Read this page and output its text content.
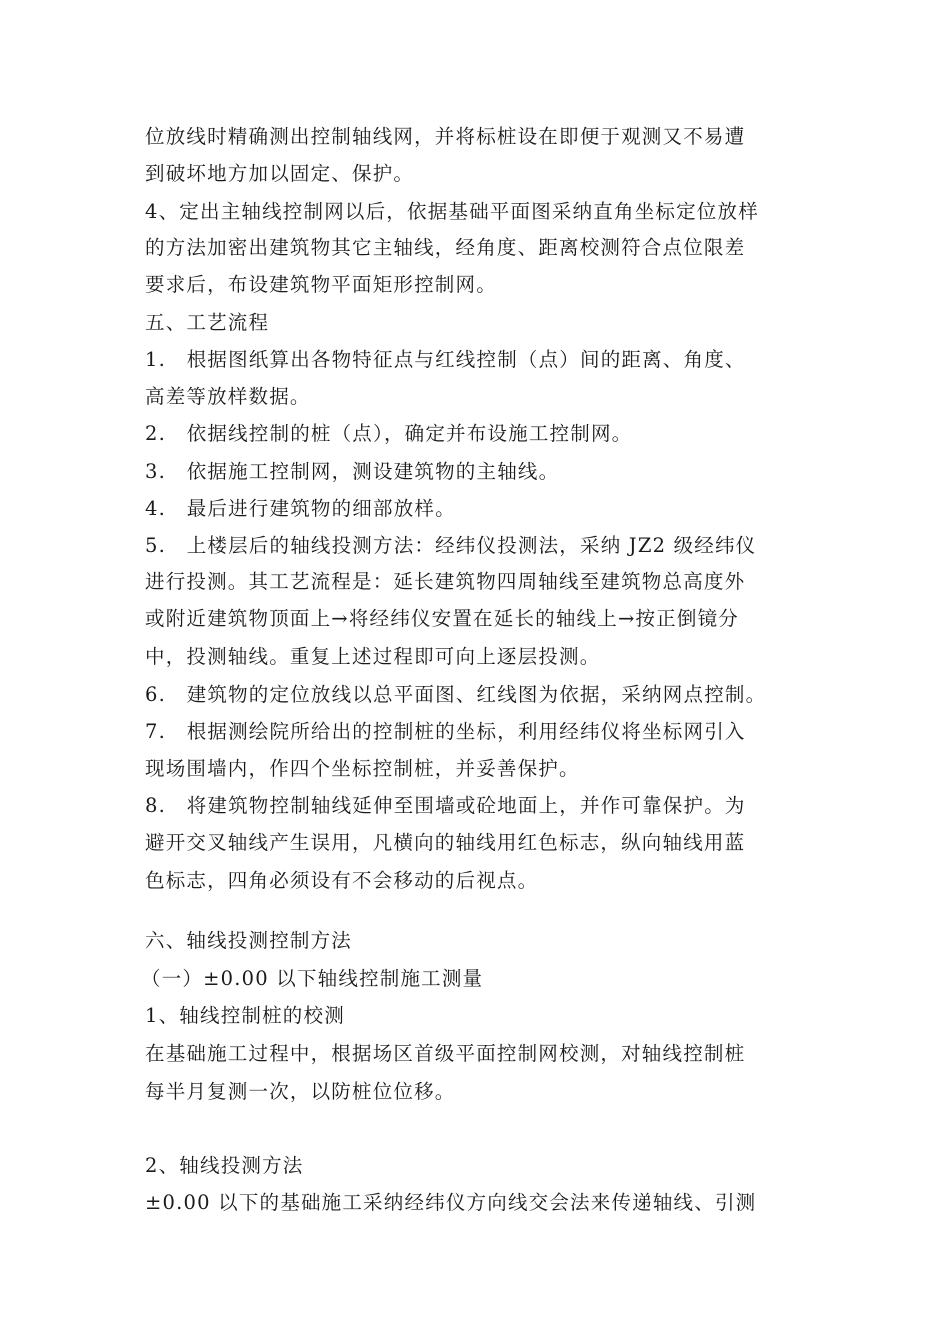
位放线时精确测出控制轴线网，并将标桩设在即便于观测又不易遭
到破坏地方加以固定、保护。
4、定出主轴线控制网以后，依据基础平面图采纳直角坐标定位放样
的方法加密出建筑物其它主轴线，经角度、距离校测符合点位限差
要求后，布设建筑物平面矩形控制网。
五、工艺流程
1.　根据图纸算出各物特征点与红线控制（点）间的距离、角度、
高差等放样数据。
2.　依据线控制的桩（点），确定并布设施工控制网。
3.　依据施工控制网，测设建筑物的主轴线。
4.　最后进行建筑物的细部放样。
5.　上楼层后的轴线投测方法：经纬仪投测法，采纳 JZ2 级经纬仪
进行投测。其工艺流程是：延长建筑物四周轴线至建筑物总高度外
或附近建筑物顶面上→将经纬仪安置在延长的轴线上→按正倒镜分
中，投测轴线。重复上述过程即可向上逐层投测。
6.　建筑物的定位放线以总平面图、红线图为依据，采纳网点控制。
7.　根据测绘院所给出的控制桩的坐标，利用经纬仪将坐标网引入
现场围墙内，作四个坐标控制桩，并妥善保护。
8.　将建筑物控制轴线延伸至围墙或砼地面上，并作可靠保护。为
避开交叉轴线产生误用，凡横向的轴线用红色标志，纵向轴线用蓝
色标志，四角必须设有不会移动的后视点。
六、轴线投测控制方法
（一）±0.00 以下轴线控制施工测量
1、轴线控制桩的校测
在基础施工过程中，根据场区首级平面控制网校测，对轴线控制桩
每半月复测一次，以防桩位位移。
2、轴线投测方法
±0.00 以下的基础施工采纳经纬仪方向线交会法来传递轴线、引测
